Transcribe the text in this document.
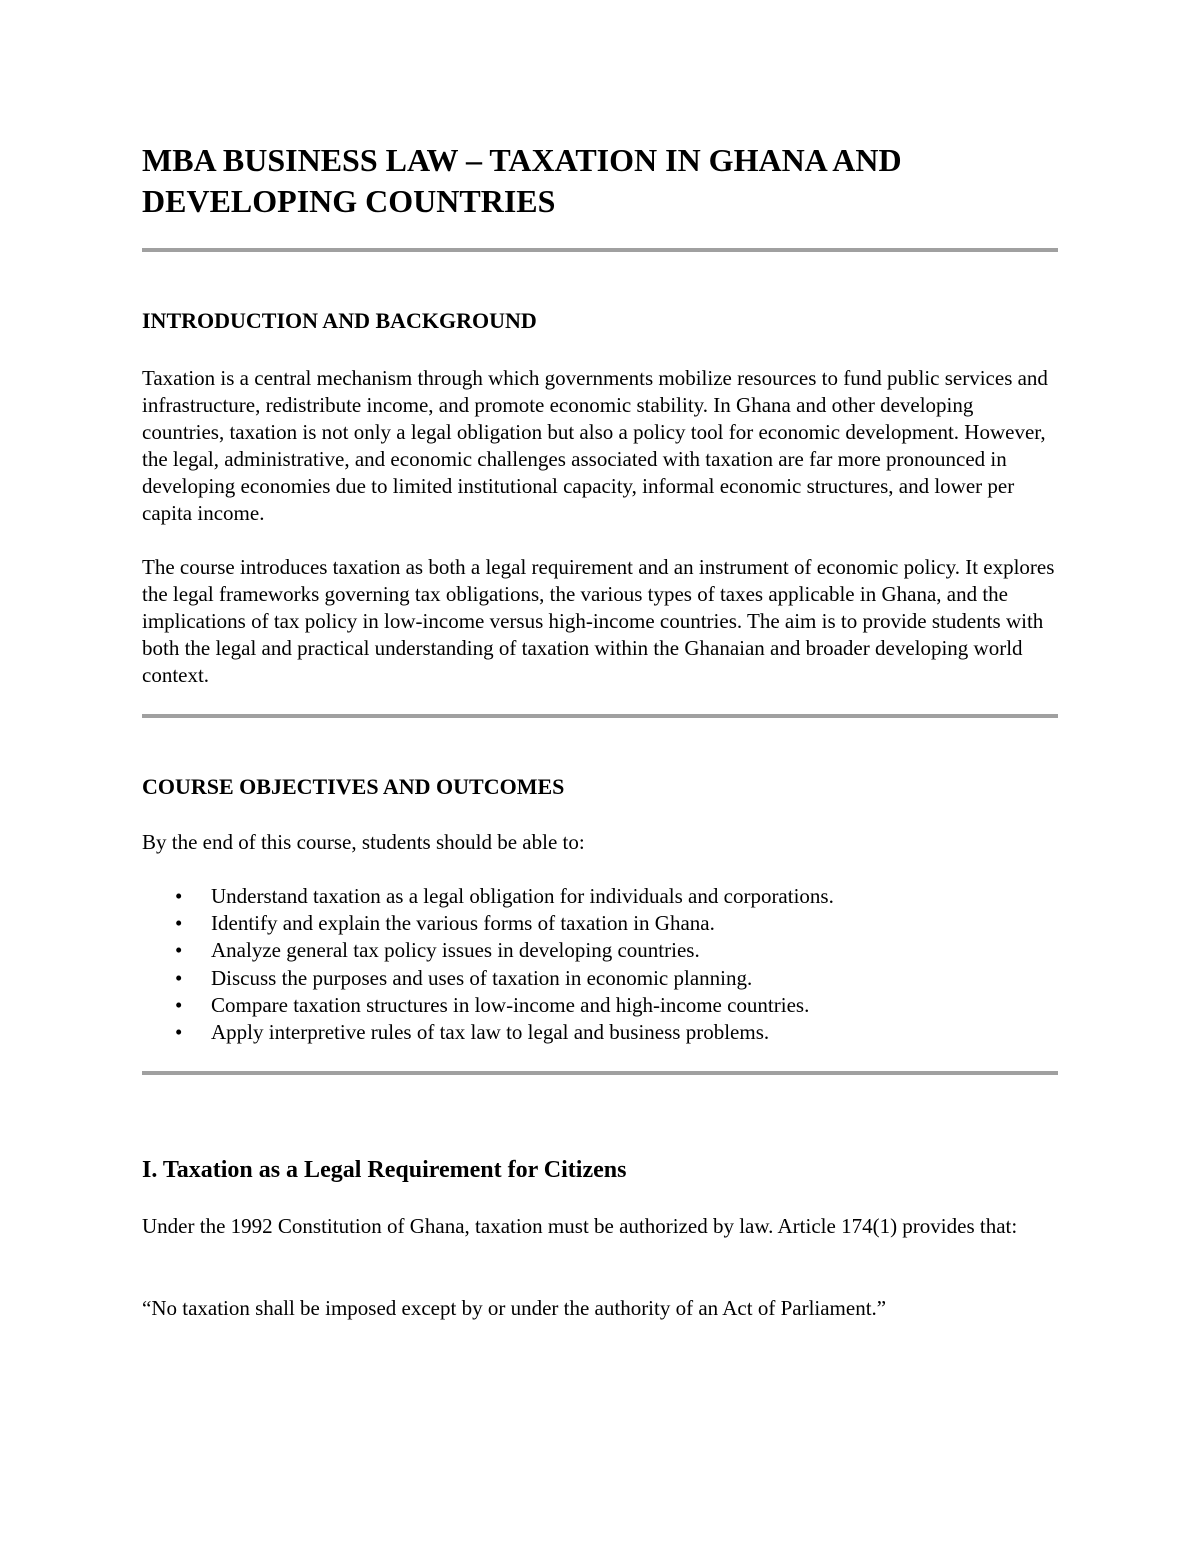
MBA BUSINESS LAW – TAXATION IN GHANA AND DEVELOPING COUNTRIES
INTRODUCTION AND BACKGROUND

Taxation is a central mechanism through which governments mobilize resources to fund public services and infrastructure, redistribute income, and promote economic stability. In Ghana and other developing countries, taxation is not only a legal obligation but also a policy tool for economic development. However, the legal, administrative, and economic challenges associated with taxation are far more pronounced in developing economies due to limited institutional capacity, informal economic structures, and lower per capita income.

The course introduces taxation as both a legal requirement and an instrument of economic policy. It explores the legal frameworks governing tax obligations, the various types of taxes applicable in Ghana, and the implications of tax policy in low-income versus high-income countries. The aim is to provide students with both the legal and practical understanding of taxation within the Ghanaian and broader developing world context.

COURSE OBJECTIVES AND OUTCOMES

By the end of this course, students should be able to:

• Understand taxation as a legal obligation for individuals and corporations.
• Identify and explain the various forms of taxation in Ghana.
• Analyze general tax policy issues in developing countries.
• Discuss the purposes and uses of taxation in economic planning.
• Compare taxation structures in low-income and high-income countries.
• Apply interpretive rules of tax law to legal and business problems.
I. Taxation as a Legal Requirement for Citizens

Under the 1992 Constitution of Ghana, taxation must be authorized by law. Article 174(1) provides that:

“No taxation shall be imposed except by or under the authority of an Act of Parliament.”
